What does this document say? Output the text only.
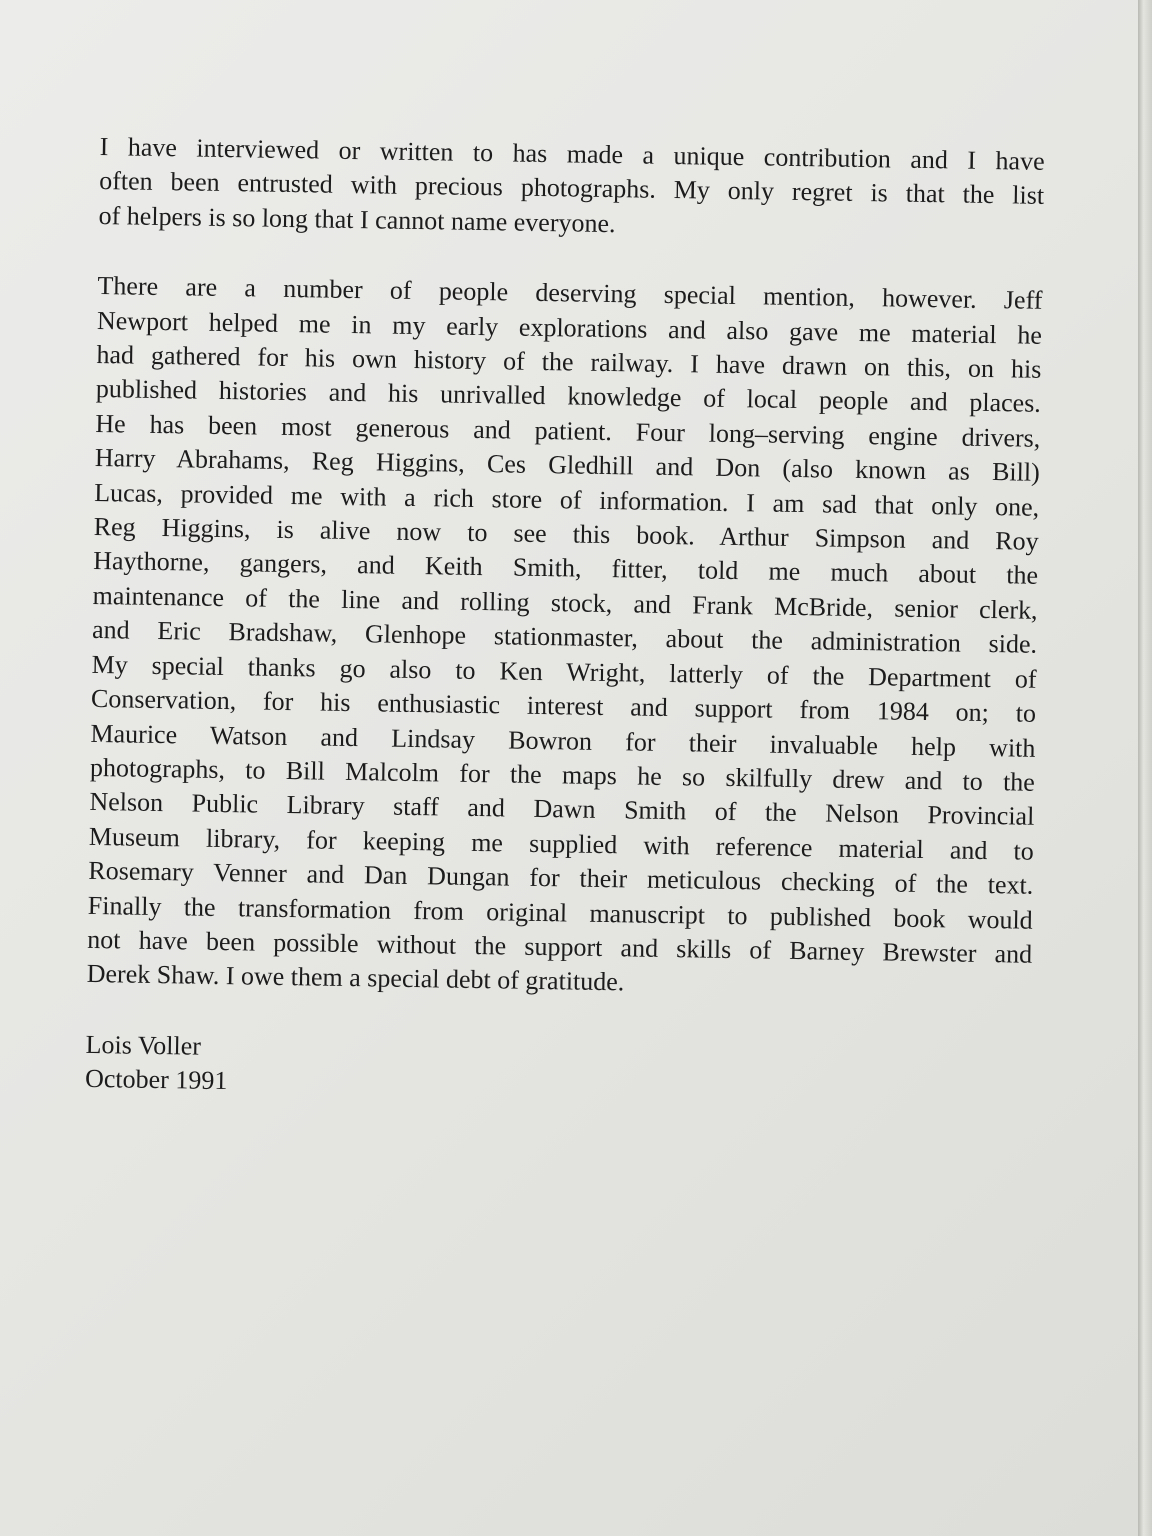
I have interviewed or written to has made a unique contribution and I have
often been entrusted with precious photographs. My only regret is that the list
of helpers is so long that I cannot name everyone.
There are a number of people deserving special mention, however. Jeff
Newport helped me in my early explorations and also gave me material he
had gathered for his own history of the railway. I have drawn on this, on his
published histories and his unrivalled knowledge of local people and places.
He has been most generous and patient. Four long–serving engine drivers,
Harry Abrahams, Reg Higgins, Ces Gledhill and Don (also known as Bill)
Lucas, provided me with a rich store of information. I am sad that only one,
Reg Higgins, is alive now to see this book. Arthur Simpson and Roy
Haythorne, gangers, and Keith Smith, fitter, told me much about the
maintenance of the line and rolling stock, and Frank McBride, senior clerk,
and Eric Bradshaw, Glenhope stationmaster, about the administration side.
My special thanks go also to Ken Wright, latterly of the Department of
Conservation, for his enthusiastic interest and support from 1984 on; to
Maurice Watson and Lindsay Bowron for their invaluable help with
photographs, to Bill Malcolm for the maps he so skilfully drew and to the
Nelson Public Library staff and Dawn Smith of the Nelson Provincial
Museum library, for keeping me supplied with reference material and to
Rosemary Venner and Dan Dungan for their meticulous checking of the text.
Finally the transformation from original manuscript to published book would
not have been possible without the support and skills of Barney Brewster and
Derek Shaw. I owe them a special debt of gratitude.
Lois Voller
October 1991
